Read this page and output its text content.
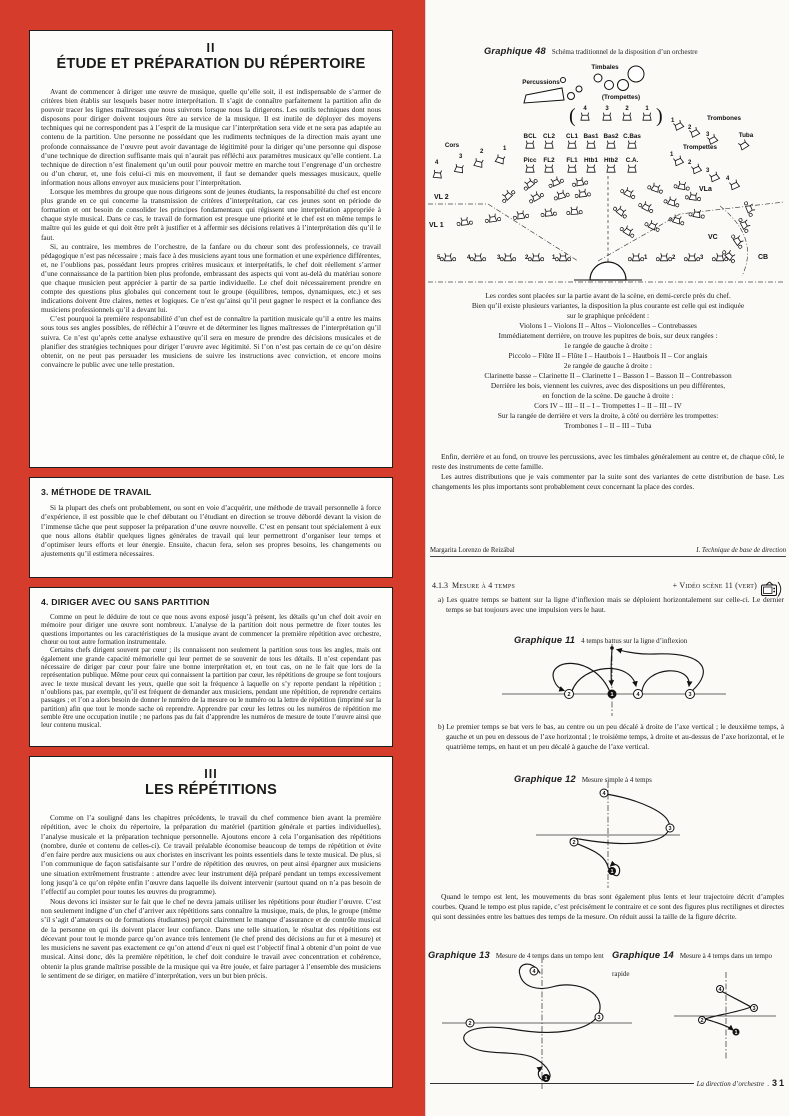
II
ÉTUDE ET PRÉPARATION DU RÉPERTOIRE

Avant de commencer à diriger une œuvre de musique, quelle qu’elle soit, il est indispensable de s’armer de critères bien établis sur lesquels baser notre interprétation. Il s’agit de connaître parfaitement la partition afin de pouvoir tracer les lignes maîtresses que nous suivrons lorsque nous la dirigerons. Les outils techniques dont nous disposons pour diriger doivent toujours être au service de la musique. Il est inutile de déployer des moyens techniques qui ne correspondent pas à l’esprit de la musique car l’interprétation sera vide et ne sera pas adaptée au contenu de la partition. Une personne ne possédant que les rudiments techniques de la direction mais ayant une profonde connaissance de l’œuvre peut avoir davantage de légitimité pour la diriger qu’une personne qui dispose d’une technique de direction suffisante mais qui n’aurait pas réfléchi aux paramètres musicaux qu’elle contient. La technique de direction n’est finalement qu’un outil pour pouvoir mettre en marche tout l’engrenage d’un orchestre ou d’un chœur, et, une fois celui-ci mis en mouvement, il faut se demander quels messages musicaux, quelle information nous allons envoyer aux musiciens pour l’interprétation.

Lorsque les membres du groupe que nous dirigeons sont de jeunes étudiants, la responsabilité du chef est encore plus grande en ce qui concerne la transmission de critères d’interprétation, car ces jeunes sont en période de formation et ont besoin de consolider les principes fondamentaux qui régissent une interprétation appropriée à chaque style musical. Dans ce cas, le travail de formation est presque une priorité et le chef est en même temps le maître qui les guide et qui doit être prêt à justifier et à affermir ses décisions relatives à l’interprétation dès qu’il le faut.

Si, au contraire, les membres de l’orchestre, de la fanfare ou du chœur sont des professionnels, ce travail pédagogique n’est pas nécessaire ; mais face à des musiciens ayant tous une formation et une expérience différentes, et, ne l’oublions pas, possédant leurs propres critères musicaux et interprétatifs, le chef doit réellement s’armer d’une connaissance de la partition bien plus profonde, embrassant des aspects qui vont au-delà du matériau sonore que chaque musicien peut apprécier à partir de sa partie individuelle. Le chef doit nécessairement prendre en compte des questions plus globales qui concernent tout le groupe (équilibres, tempos, dynamiques, etc.) et ses indications doivent être claires, nettes et logiques. Ce n’est qu’ainsi qu’il peut gagner le respect et la confiance des musiciens professionnels qu’il a devant lui.

C’est pourquoi la première responsabilité d’un chef est de connaître la partition musicale qu’il a entre les mains sous tous ses angles possibles, de réfléchir à l’œuvre et de déterminer les lignes maîtresses de l’interprétation qu’il suivra. Ce n’est qu’après cette analyse exhaustive qu’il sera en mesure de prendre des décisions musicales et de planifier des stratégies techniques pour diriger l’œuvre avec légitimité. Si l’on n’est pas certain de ce qu’on désire obtenir, on ne peut pas persuader les musiciens de suivre les instructions avec conviction, et encore moins convaincre le public avec une telle prestation.

3. MÉTHODE DE TRAVAIL

Si la plupart des chefs ont probablement, ou sont en voie d’acquérir, une méthode de travail personnelle à force d’expérience, il est possible que le chef débutant ou l’étudiant en direction se trouve débordé devant la vision de l’immense tâche que peut supposer la préparation d’une œuvre nouvelle. C’est en pensant tout spécialement à eux que nous allons établir quelques lignes générales de travail qui leur permettront d’organiser leur temps et d’optimiser leurs efforts et leur énergie. Ensuite, chacun fera, selon ses propres besoins, les changements ou ajustements qu’il estimera nécessaires.

4. DIRIGER AVEC OU SANS PARTITION

Comme on peut le déduire de tout ce que nous avons exposé jusqu’à présent, les détails qu’un chef doit avoir en mémoire pour diriger une œuvre sont nombreux. L’analyse de la partition doit nous permettre de fixer toutes les questions importantes ou les caractéristiques de la musique avant de commencer la première répétition avec orchestre, chœur ou tout autre formation instrumentale.

Certains chefs dirigent souvent par cœur ; ils connaissent non seulement la partition sous tous les angles, mais ont également une grande capacité mémorielle qui leur permet de se souvenir de tous les détails. Il n’est cependant pas nécessaire de diriger par cœur pour faire une bonne interprétation et, en tout cas, on ne le fait que lors de la représentation publique. Même pour ceux qui connaissent la partition par cœur, les répétitions de groupe se font toujours avec le texte musical devant les yeux, quelle que soit la fréquence à laquelle on s’y reporte pendant la répétition ; n’oublions pas, par exemple, qu’il est fréquent de demander aux musiciens, pendant une répétition, de reprendre certains passages ; et l’on a alors besoin de donner le numéro de la mesure ou le numéro ou la lettre de répétition (imprimé sur la partition) afin que tout le monde sache où reprendre. Apprendre par cœur les lettres ou les numéros de répétition me semble être une occupation inutile ; ne parlons pas du fait d’apprendre les numéros de mesure de toute l’œuvre ainsi que leur contenu musical.

III
LES RÉPÉTITIONS

Comme on l’a souligné dans les chapitres précédents, le travail du chef commence bien avant la première répétition, avec le choix du répertoire, la préparation du matériel (partition générale et parties individuelles), l’analyse musicale et la préparation technique personnelle. Ajoutons encore à cela l’organisation des répétitions (nombre, durée et contenu de celles-ci). Ce travail préalable économise beaucoup de temps de répétition et évite d’en faire perdre aux musiciens ou aux choristes en inscrivant les points essentiels dans le texte musical. De plus, si l’on communique de façon satisfaisante sur l’ordre de répétition des œuvres, on peut ainsi épargner aux musiciens une situation extrêmement frustrante : attendre avec leur instrument déjà préparé pendant un temps excessivement long jusqu’à ce qu’on répète enfin l’œuvre dans laquelle ils doivent intervenir (surtout quand on n’a pas besoin de l’effectif au complet pour toutes les œuvres du programme).

Nous devons ici insister sur le fait que le chef ne devra jamais utiliser les répétitions pour étudier l’œuvre. C’est non seulement indigne d’un chef d’arriver aux répétitions sans connaître la musique, mais, de plus, le groupe (même s’il s’agit d’amateurs ou de formations étudiantes) perçoit clairement le manque d’assurance et de contrôle musical de la personne en qui ils doivent placer leur confiance. Dans une telle situation, le résultat des répétitions est décevant pour tout le monde parce qu’on avance très lentement (le chef prend des décisions au fur et à mesure) et les musiciens ne savent pas exactement ce qu’on attend d’eux ni quel est l’objectif final à obtenir d’un point de vue musical. Ainsi donc, dès la première répétition, le chef doit conduire le travail avec concentration et cohérence, obtenir la plus grande maîtrise possible de la musique qui va être jouée, et faire partager à l’ensemble des musiciens le sentiment de se diriger, en matière d’interprétation, vers un but bien précis.

Graphique 48 Schéma traditionnel de la disposition d’un orchestre
Timbales
Percussions
(Trompettes)
(	)
4	3	2	1
Trombones
1
2
3	Tuba
Trompettes
1
2
3
4
BCL CL2 CL1 Bas1 Bas2 C.Bas
Picc FL2 FL1 Htb1 Htb2 C.A.
Cors	1
2
3
4
VL 2
VL 1
VLa
VC
CB
5	4	3	2	1	1	2	3
Les cordes sont placées sur la partie avant de la scène, en demi-cercle près du chef.
Bien qu’il existe plusieurs variantes, la disposition la plus courante est celle qui est indiquée
sur le graphique précédent :
Violons I – Violons II – Altos – Violoncelles – Contrebasses
Immédiatement derrière, on trouve les pupitres de bois, sur deux rangées :
1e rangée de gauche à droite :
Piccolo – Flûte II – Flûte I – Hautbois I – Hautbois II – Cor anglais
2e rangée de gauche à droite :
Clarinette basse – Clarinette II – Clarinette I – Basson I – Basson II – Contrebasson
Derrière les bois, viennent les cuivres, avec des dispositions un peu différentes,
en fonction de la scène. De gauche à droite :
Cors IV – III – II – I – Trompettes I – II – III – IV
Sur la rangée de derrière et vers la droite, à côté ou derrière les trompettes:
Trombones I – II – III – Tuba

Enfin, derrière et au fond, on trouve les percussions, avec les timbales généralement au centre et, de chaque côté, le reste des instruments de cette famille.

Les autres distributions que je vais commenter par la suite sont des variantes de cette distribution de base. Les changements les plus importants sont probablement ceux concernant la place des cordes.

Margarita Lorenzo de Reizábal	I. Technique de base de direction
4.1.3
Mesure à 4 temps	+ Vidéo scène 11 (vert)
a) Les quatre temps se battent sur la ligne d’inflexion mais se déploient horizontalement sur celle-ci. Le dernier temps se bat toujours avec une impulsion vers le haut.
Graphique 11 4 temps battus sur la ligne d’inflexion
2	1	4	3
b) Le premier temps se bat vers le bas, au centre ou un peu décalé à droite de l’axe vertical ; le deuxième temps, à gauche et un peu en dessous de l’axe horizontal ; le troisième temps, à droite et au-dessus de l’axe horizontal, et le quatrième temps, en haut et un peu décalé à gauche de l’axe vertical.
Graphique 12 Mesure simple à 4 temps
4
3
2
1
Quand le tempo est lent, les mouvements du bras sont également plus lents et leur trajectoire décrit d’amples courbes. Quand le tempo est plus rapide, c’est précisément le contraire et ce sont des figures plus rectilignes et directes qui sont dessinées entre les battues des temps de la mesure. On réduit aussi la taille de la figure décrite.
Graphique 13 Mesure de 4 temps dans un tempo lent Graphique 14 Mesure à 4 temps dans un tempo rapide
4
3
2
1
4
3
2
1
La direction d’orchestre . 31
